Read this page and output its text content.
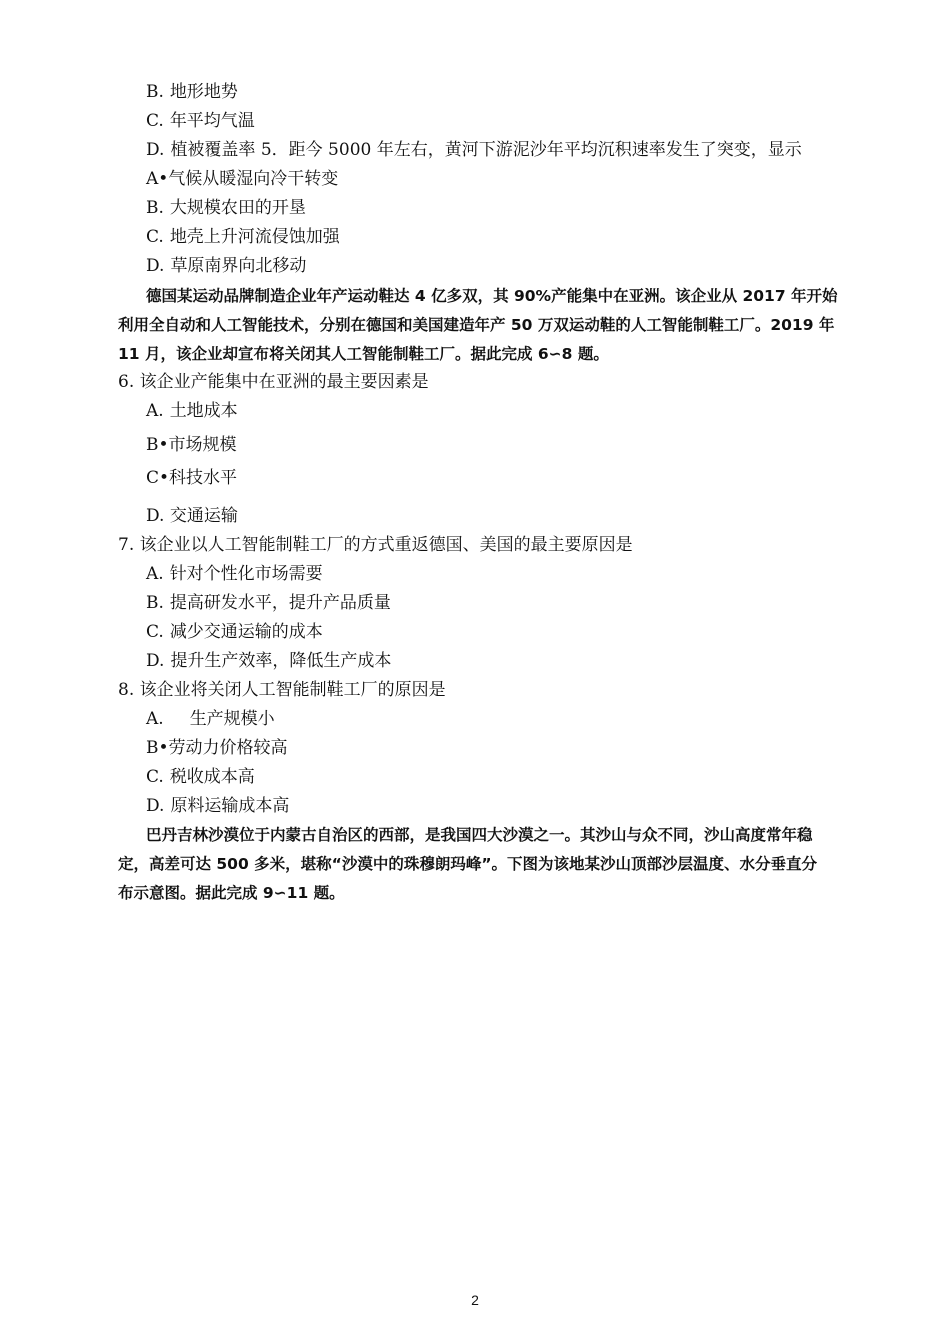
B. 地形地势
C. 年平均气温
D. 植被覆盖率 5．距今 5000 年左右，黄河下游泥沙年平均沉积速率发生了突变，显示
A•气候从暖湿向冷干转变
B. 大规模农田的开垦
C. 地壳上升河流侵蚀加强
D. 草原南界向北移动
德国某运动品牌制造企业年产运动鞋达 4 亿多双，其 90%产能集中在亚洲。该企业从 2017 年开始
利用全自动和人工智能技术，分别在德国和美国建造年产 50 万双运动鞋的人工智能制鞋工厂。2019 年
11 月，该企业却宣布将关闭其人工智能制鞋工厂。据此完成 6∽8 题。
6. 该企业产能集中在亚洲的最主要因素是
A. 土地成本
B•市场规模
C•科技水平
D. 交通运输
7. 该企业以人工智能制鞋工厂的方式重返德国、美国的最主要原因是
A. 针对个性化市场需要
B. 提高研发水平，提升产品质量
C. 减少交通运输的成本
D. 提升生产效率，降低生产成本
8. 该企业将关闭人工智能制鞋工厂的原因是
A. 生产规模小
B•劳动力价格较高
C. 税收成本高
D. 原料运输成本高
巴丹吉林沙漠位于内蒙古自治区的西部，是我国四大沙漠之一。其沙山与众不同，沙山高度常年稳
定，高差可达 500 多米，堪称“沙漠中的珠穆朗玛峰”。下图为该地某沙山顶部沙层温度、水分垂直分
布示意图。据此完成 9∽11 题。
2
